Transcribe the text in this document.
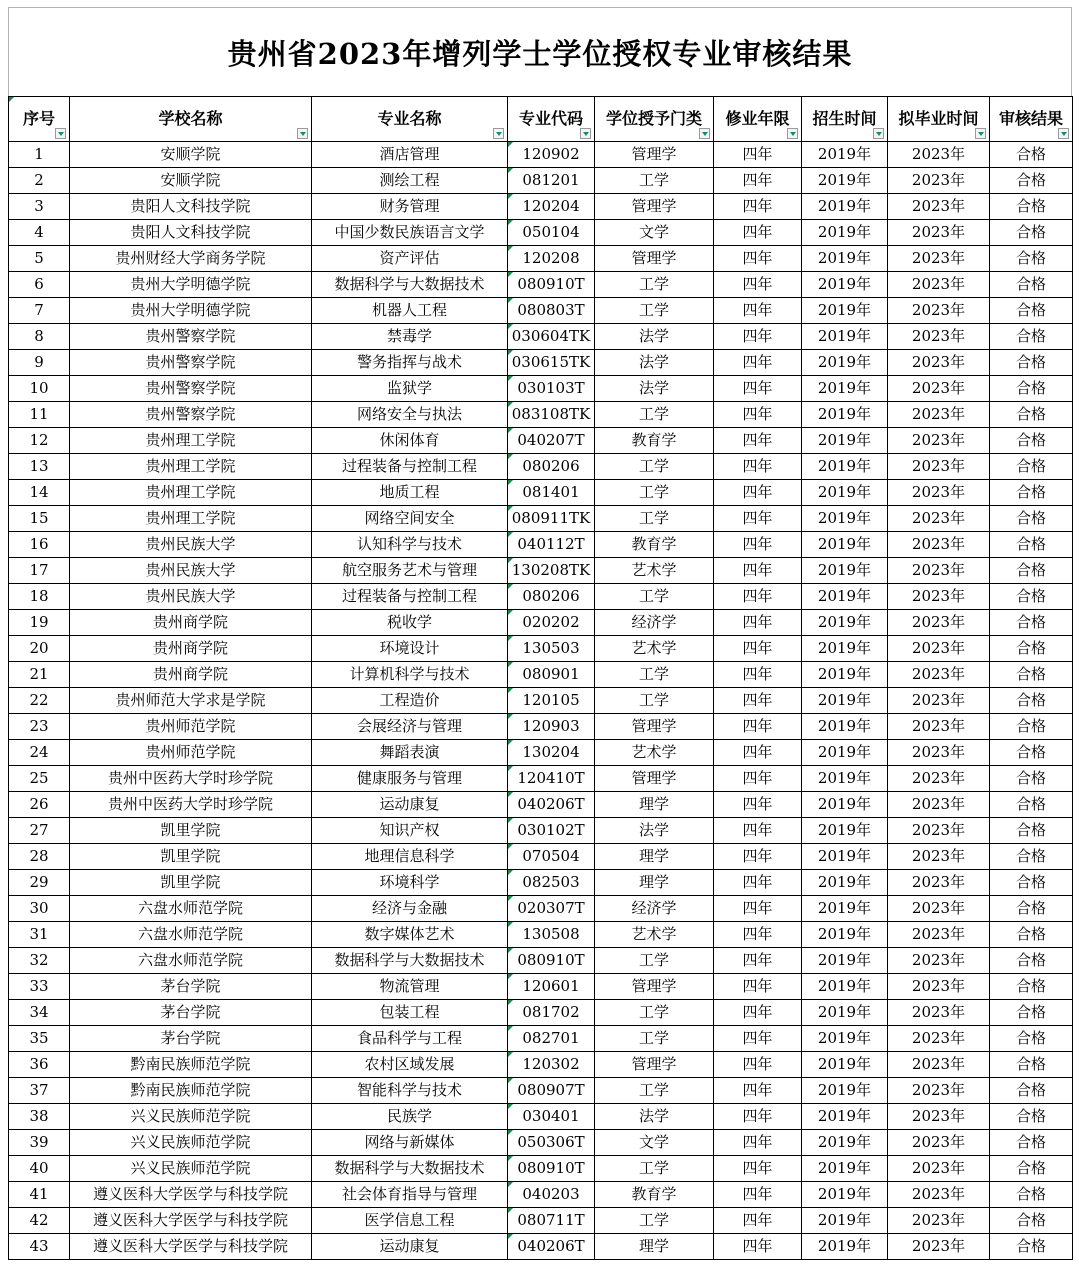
贵州省2023年增列学士学位授权专业审核结果
序号	学校名称	专业名称	专业代码	学位授予门类	修业年限	招生时间	拟毕业时间	审核结果

1	安顺学院	酒店管理	120902	管理学	四年	2019年	2023年	合格
2	安顺学院	测绘工程	081201	工学	四年	2019年	2023年	合格
3	贵阳人文科技学院	财务管理	120204	管理学	四年	2019年	2023年	合格
4	贵阳人文科技学院	中国少数民族语言文学	050104	文学	四年	2019年	2023年	合格
5	贵州财经大学商务学院	资产评估	120208	管理学	四年	2019年	2023年	合格
6	贵州大学明德学院	数据科学与大数据技术	080910T	工学	四年	2019年	2023年	合格
7	贵州大学明德学院	机器人工程	080803T	工学	四年	2019年	2023年	合格
8	贵州警察学院	禁毒学	030604TK	法学	四年	2019年	2023年	合格
9	贵州警察学院	警务指挥与战术	030615TK	法学	四年	2019年	2023年	合格
10	贵州警察学院	监狱学	030103T	法学	四年	2019年	2023年	合格
11	贵州警察学院	网络安全与执法	083108TK	工学	四年	2019年	2023年	合格
12	贵州理工学院	休闲体育	040207T	教育学	四年	2019年	2023年	合格
13	贵州理工学院	过程装备与控制工程	080206	工学	四年	2019年	2023年	合格
14	贵州理工学院	地质工程	081401	工学	四年	2019年	2023年	合格
15	贵州理工学院	网络空间安全	080911TK	工学	四年	2019年	2023年	合格
16	贵州民族大学	认知科学与技术	040112T	教育学	四年	2019年	2023年	合格
17	贵州民族大学	航空服务艺术与管理	130208TK	艺术学	四年	2019年	2023年	合格
18	贵州民族大学	过程装备与控制工程	080206	工学	四年	2019年	2023年	合格
19	贵州商学院	税收学	020202	经济学	四年	2019年	2023年	合格
20	贵州商学院	环境设计	130503	艺术学	四年	2019年	2023年	合格
21	贵州商学院	计算机科学与技术	080901	工学	四年	2019年	2023年	合格
22	贵州师范大学求是学院	工程造价	120105	工学	四年	2019年	2023年	合格
23	贵州师范学院	会展经济与管理	120903	管理学	四年	2019年	2023年	合格
24	贵州师范学院	舞蹈表演	130204	艺术学	四年	2019年	2023年	合格
25	贵州中医药大学时珍学院	健康服务与管理	120410T	管理学	四年	2019年	2023年	合格
26	贵州中医药大学时珍学院	运动康复	040206T	理学	四年	2019年	2023年	合格
27	凯里学院	知识产权	030102T	法学	四年	2019年	2023年	合格
28	凯里学院	地理信息科学	070504	理学	四年	2019年	2023年	合格
29	凯里学院	环境科学	082503	理学	四年	2019年	2023年	合格
30	六盘水师范学院	经济与金融	020307T	经济学	四年	2019年	2023年	合格
31	六盘水师范学院	数字媒体艺术	130508	艺术学	四年	2019年	2023年	合格
32	六盘水师范学院	数据科学与大数据技术	080910T	工学	四年	2019年	2023年	合格
33	茅台学院	物流管理	120601	管理学	四年	2019年	2023年	合格
34	茅台学院	包装工程	081702	工学	四年	2019年	2023年	合格
35	茅台学院	食品科学与工程	082701	工学	四年	2019年	2023年	合格
36	黔南民族师范学院	农村区域发展	120302	管理学	四年	2019年	2023年	合格
37	黔南民族师范学院	智能科学与技术	080907T	工学	四年	2019年	2023年	合格
38	兴义民族师范学院	民族学	030401	法学	四年	2019年	2023年	合格
39	兴义民族师范学院	网络与新媒体	050306T	文学	四年	2019年	2023年	合格
40	兴义民族师范学院	数据科学与大数据技术	080910T	工学	四年	2019年	2023年	合格
41	遵义医科大学医学与科技学院	社会体育指导与管理	040203	教育学	四年	2019年	2023年	合格
42	遵义医科大学医学与科技学院	医学信息工程	080711T	工学	四年	2019年	2023年	合格
43	遵义医科大学医学与科技学院	运动康复	040206T	理学	四年	2019年	2023年	合格
